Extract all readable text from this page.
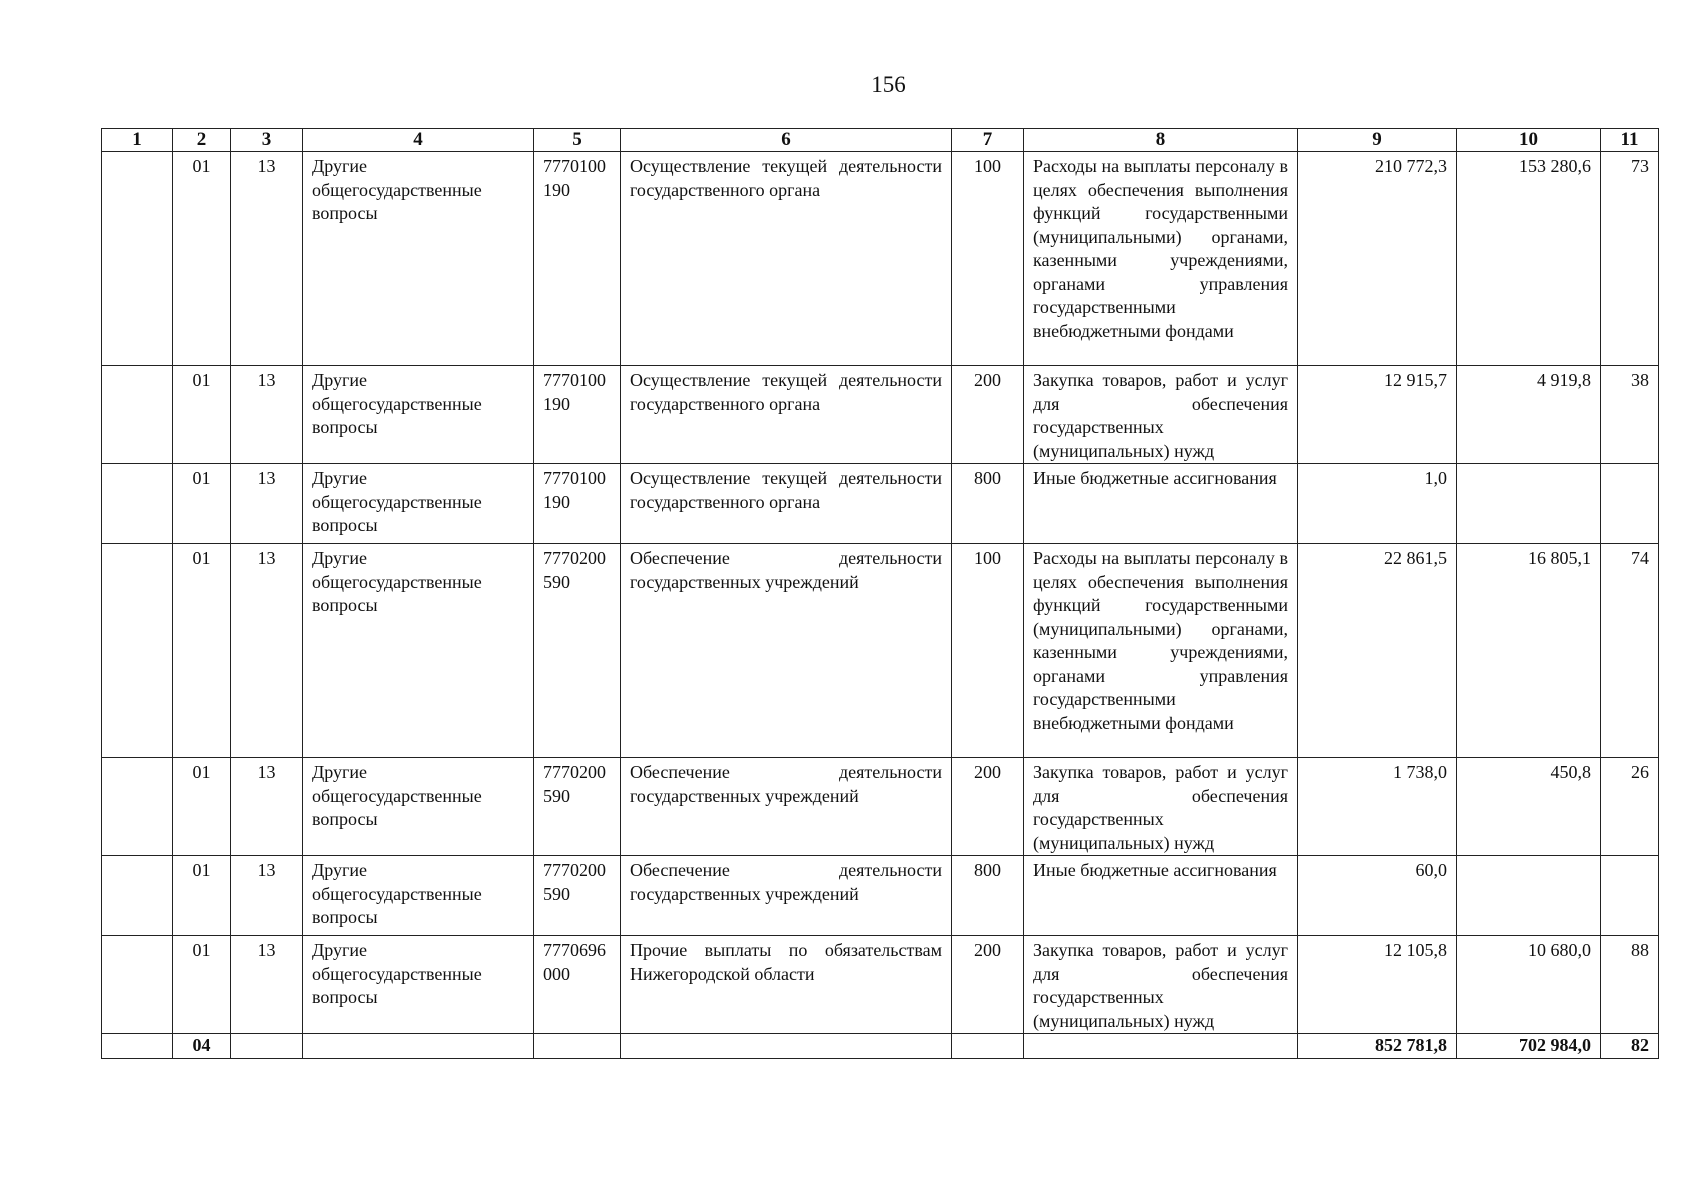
156
1	2	3	4	5	6	7	8	9	10	11
	01	13	Другие общегосударственные вопросы	7770100190	Осуществление текущей деятельности государственного органа	100	Расходы на выплаты персоналу в целях обеспечения выполнения функций государственными (муниципальными) органами, казенными учреждениями, органами управления государственными внебюджетными фондами	210 772,3	153 280,6	73
	01	13	Другие общегосударственные вопросы	7770100190	Осуществление текущей деятельности государственного органа	200	Закупка товаров, работ и услуг для обеспечения государственных (муниципальных) нужд	12 915,7	4 919,8	38
	01	13	Другие общегосударственные вопросы	7770100190	Осуществление текущей деятельности государственного органа	800	Иные бюджетные ассигнования	1,0		
	01	13	Другие общегосударственные вопросы	7770200590	Обеспечение деятельности государственных учреждений	100	Расходы на выплаты персоналу в целях обеспечения выполнения функций государственными (муниципальными) органами, казенными учреждениями, органами управления государственными внебюджетными фондами	22 861,5	16 805,1	74
	01	13	Другие общегосударственные вопросы	7770200590	Обеспечение деятельности государственных учреждений	200	Закупка товаров, работ и услуг для обеспечения государственных (муниципальных) нужд	1 738,0	450,8	26
	01	13	Другие общегосударственные вопросы	7770200590	Обеспечение деятельности государственных учреждений	800	Иные бюджетные ассигнования	60,0		
	01	13	Другие общегосударственные вопросы	7770696000	Прочие выплаты по обязательствам Нижегородской области	200	Закупка товаров, работ и услуг для обеспечения государственных (муниципальных) нужд	12 105,8	10 680,0	88
	04							852 781,8	702 984,0	82
